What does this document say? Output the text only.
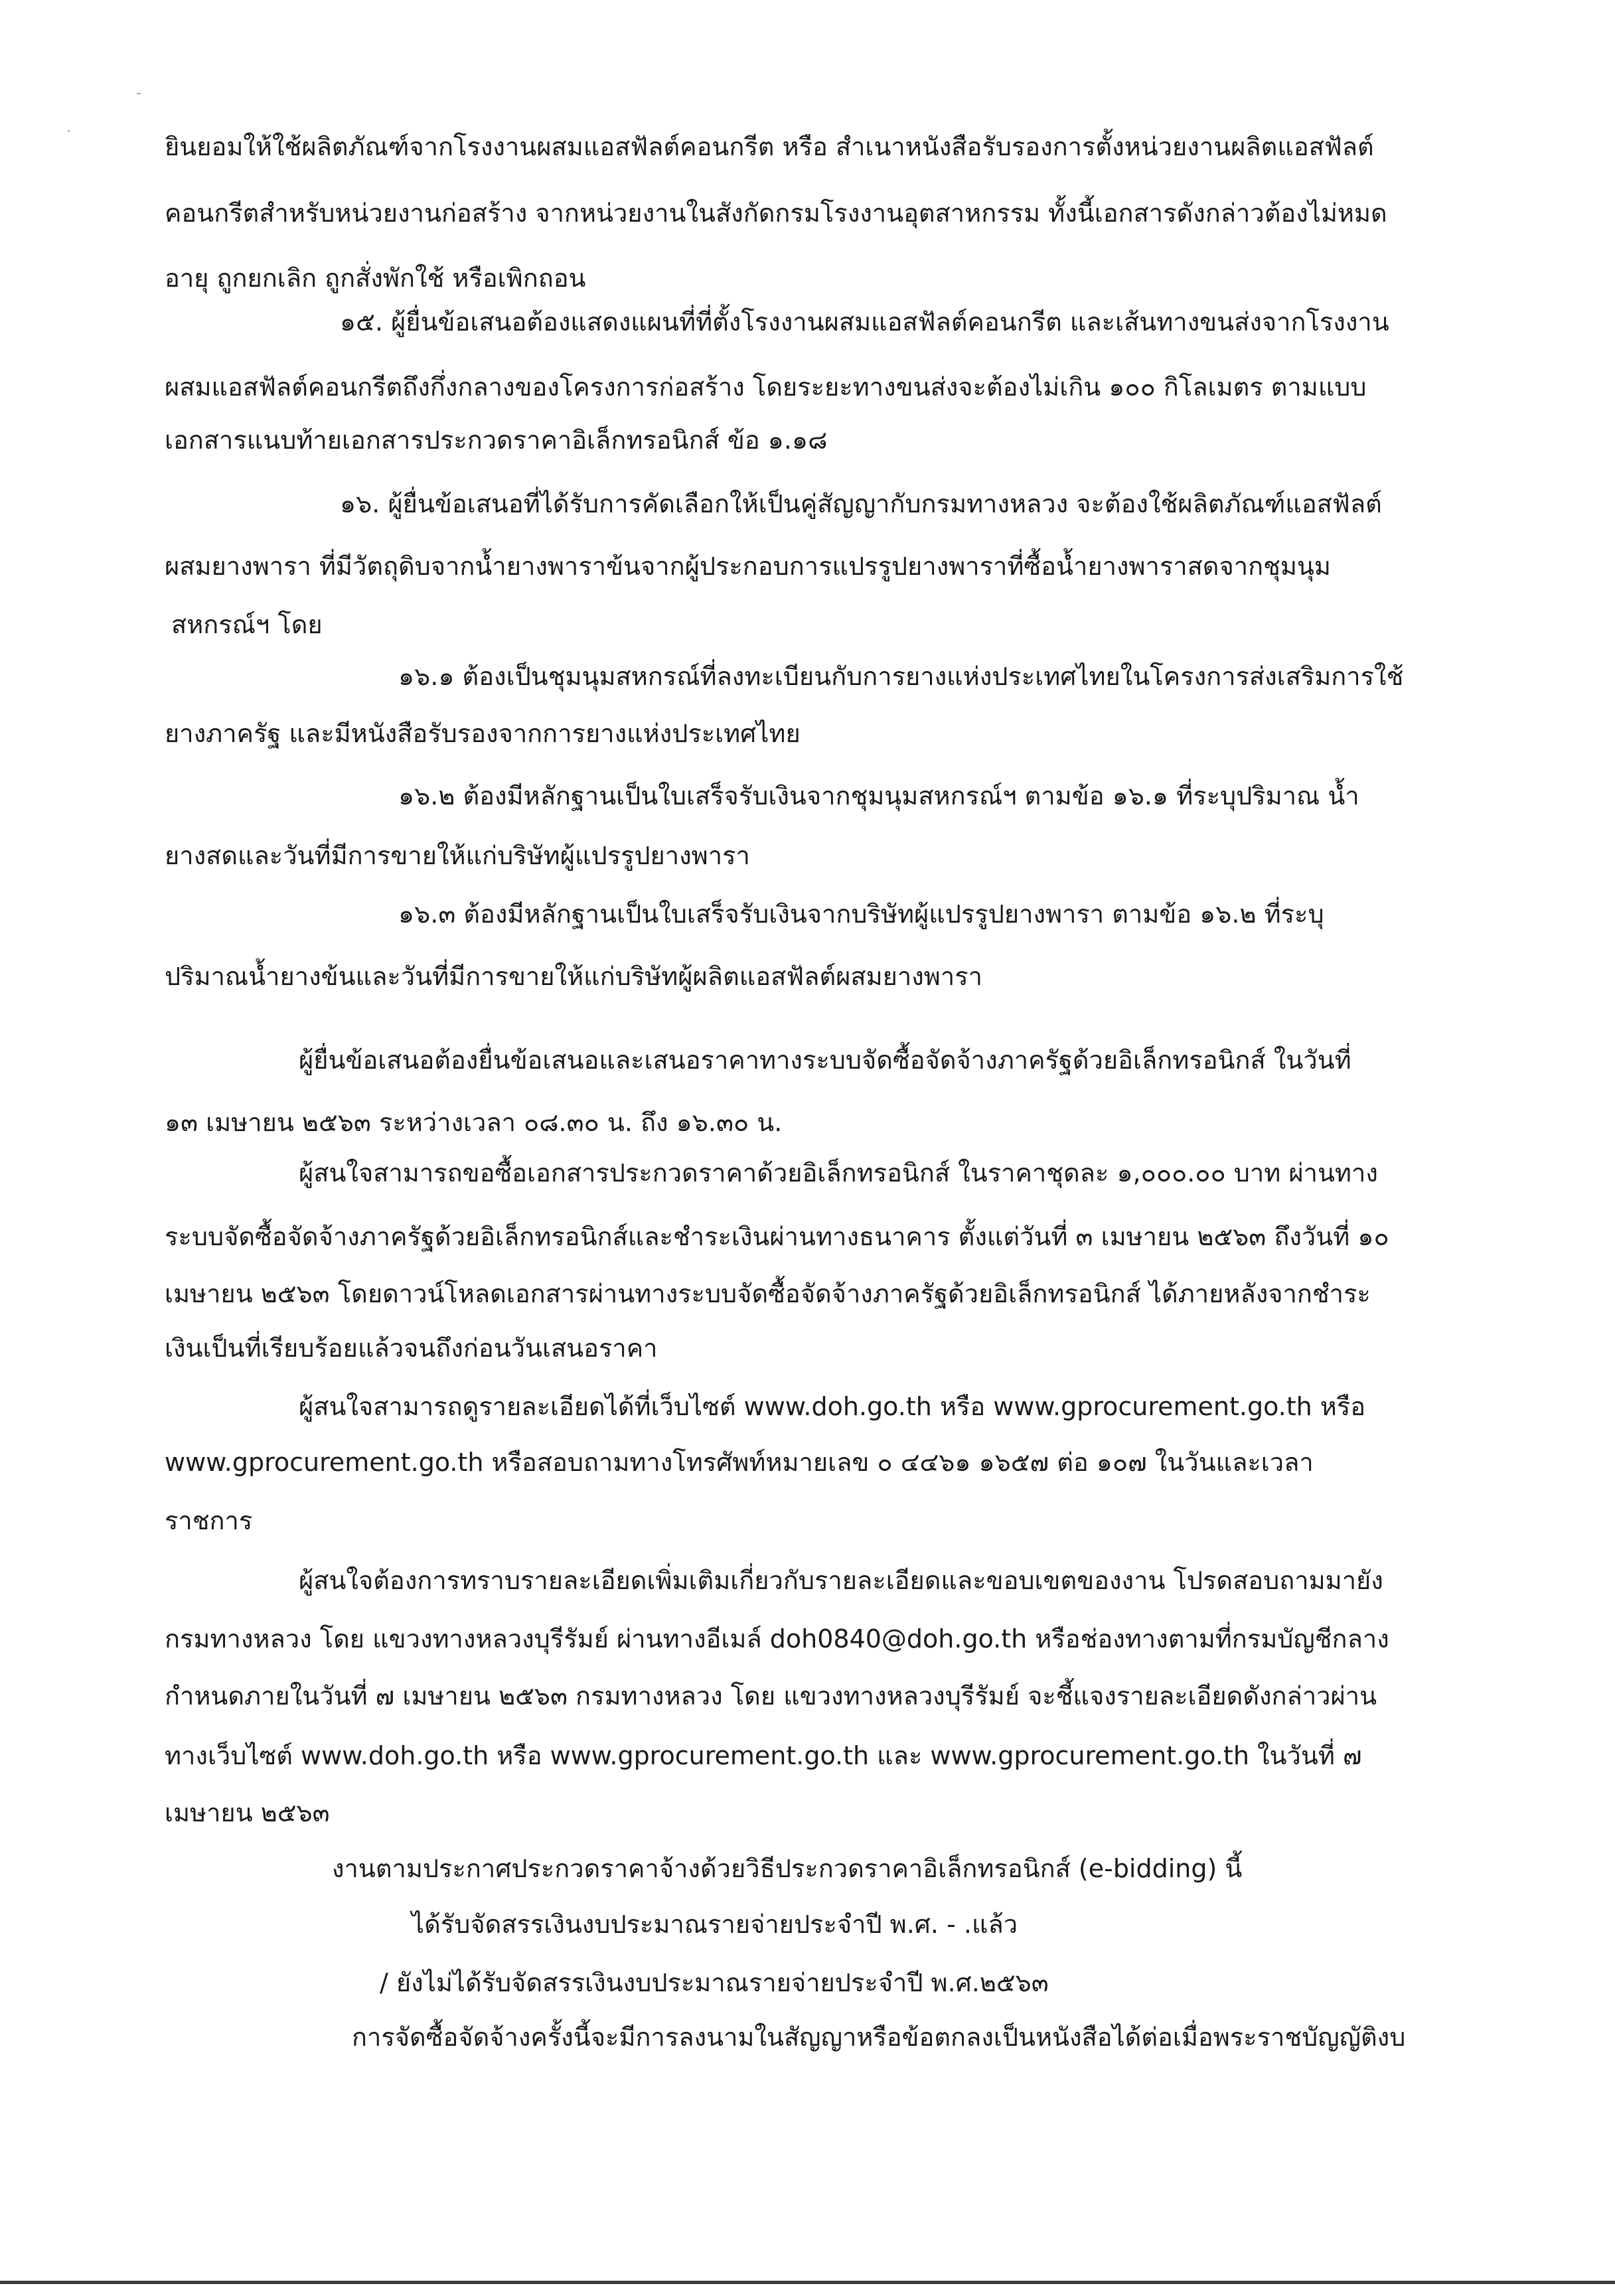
-
·
ยินยอมให้ใช้ผลิตภัณฑ์จากโรงงานผสมแอสฟัลต์คอนกรีต หรือ สำเนาหนังสือรับรองการตั้งหน่วยงานผลิตแอสฟัลต์
คอนกรีตสำหรับหน่วยงานก่อสร้าง จากหน่วยงานในสังกัดกรมโรงงานอุตสาหกรรม ทั้งนี้เอกสารดังกล่าวต้องไม่หมด
อายุ ถูกยกเลิก ถูกสั่งพักใช้ หรือเพิกถอน
๑๕. ผู้ยื่นข้อเสนอต้องแสดงแผนที่ที่ตั้งโรงงานผสมแอสฟัลต์คอนกรีต และเส้นทางขนส่งจากโรงงาน
ผสมแอสฟัลต์คอนกรีตถึงกึ่งกลางของโครงการก่อสร้าง โดยระยะทางขนส่งจะต้องไม่เกิน ๑๐๐ กิโลเมตร ตามแบบ
เอกสารแนบท้ายเอกสารประกวดราคาอิเล็กทรอนิกส์ ข้อ ๑.๑๘
๑๖. ผู้ยื่นข้อเสนอที่ได้รับการคัดเลือกให้เป็นคู่สัญญากับกรมทางหลวง จะต้องใช้ผลิตภัณฑ์แอสฟัลต์
ผสมยางพารา ที่มีวัตถุดิบจากน้ำยางพาราข้นจากผู้ประกอบการแปรรูปยางพาราที่ซื้อน้ำยางพาราสดจากชุมนุม
สหกรณ์ฯ โดย
๑๖.๑ ต้องเป็นชุมนุมสหกรณ์ที่ลงทะเบียนกับการยางแห่งประเทศไทยในโครงการส่งเสริมการใช้
ยางภาครัฐ และมีหนังสือรับรองจากการยางแห่งประเทศไทย
๑๖.๒ ต้องมีหลักฐานเป็นใบเสร็จรับเงินจากชุมนุมสหกรณ์ฯ ตามข้อ ๑๖.๑ ที่ระบุปริมาณ น้ำ
ยางสดและวันที่มีการขายให้แก่บริษัทผู้แปรรูปยางพารา
๑๖.๓ ต้องมีหลักฐานเป็นใบเสร็จรับเงินจากบริษัทผู้แปรรูปยางพารา ตามข้อ ๑๖.๒ ที่ระบุ
ปริมาณน้ำยางข้นและวันที่มีการขายให้แก่บริษัทผู้ผลิตแอสฟัลต์ผสมยางพารา
ผู้ยื่นข้อเสนอต้องยื่นข้อเสนอและเสนอราคาทางระบบจัดซื้อจัดจ้างภาครัฐด้วยอิเล็กทรอนิกส์ ในวันที่
๑๓ เมษายน ๒๕๖๓ ระหว่างเวลา ๐๘.๓๐ น. ถึง ๑๖.๓๐ น.
ผู้สนใจสามารถขอซื้อเอกสารประกวดราคาด้วยอิเล็กทรอนิกส์ ในราคาชุดละ ๑,๐๐๐.๐๐ บาท ผ่านทาง
ระบบจัดซื้อจัดจ้างภาครัฐด้วยอิเล็กทรอนิกส์และชำระเงินผ่านทางธนาคาร ตั้งแต่วันที่ ๓ เมษายน ๒๕๖๓ ถึงวันที่ ๑๐
เมษายน ๒๕๖๓ โดยดาวน์โหลดเอกสารผ่านทางระบบจัดซื้อจัดจ้างภาครัฐด้วยอิเล็กทรอนิกส์ ได้ภายหลังจากชำระ
เงินเป็นที่เรียบร้อยแล้วจนถึงก่อนวันเสนอราคา
ผู้สนใจสามารถดูรายละเอียดได้ที่เว็บไซต์ www.doh.go.th หรือ www.gprocurement.go.th หรือ
www.gprocurement.go.th หรือสอบถามทางโทรศัพท์หมายเลข ๐ ๔๔๖๑ ๑๖๕๗ ต่อ ๑๐๗ ในวันและเวลา
ราชการ
ผู้สนใจต้องการทราบรายละเอียดเพิ่มเติมเกี่ยวกับรายละเอียดและขอบเขตของงาน โปรดสอบถามมายัง
กรมทางหลวง โดย แขวงทางหลวงบุรีรัมย์ ผ่านทางอีเมล์ doh0840@doh.go.th หรือช่องทางตามที่กรมบัญชีกลาง
กำหนดภายในวันที่ ๗ เมษายน ๒๕๖๓ กรมทางหลวง โดย แขวงทางหลวงบุรีรัมย์ จะชี้แจงรายละเอียดดังกล่าวผ่าน
ทางเว็บไซต์ www.doh.go.th หรือ www.gprocurement.go.th และ www.gprocurement.go.th ในวันที่ ๗
เมษายน ๒๕๖๓
งานตามประกาศประกวดราคาจ้างด้วยวิธีประกวดราคาอิเล็กทรอนิกส์ (e-bidding) นี้
ได้รับจัดสรรเงินงบประมาณรายจ่ายประจำปี พ.ศ. - .แล้ว
/ ยังไม่ได้รับจัดสรรเงินงบประมาณรายจ่ายประจำปี พ.ศ.๒๕๖๓
การจัดซื้อจัดจ้างครั้งนี้จะมีการลงนามในสัญญาหรือข้อตกลงเป็นหนังสือได้ต่อเมื่อพระราชบัญญัติงบ
